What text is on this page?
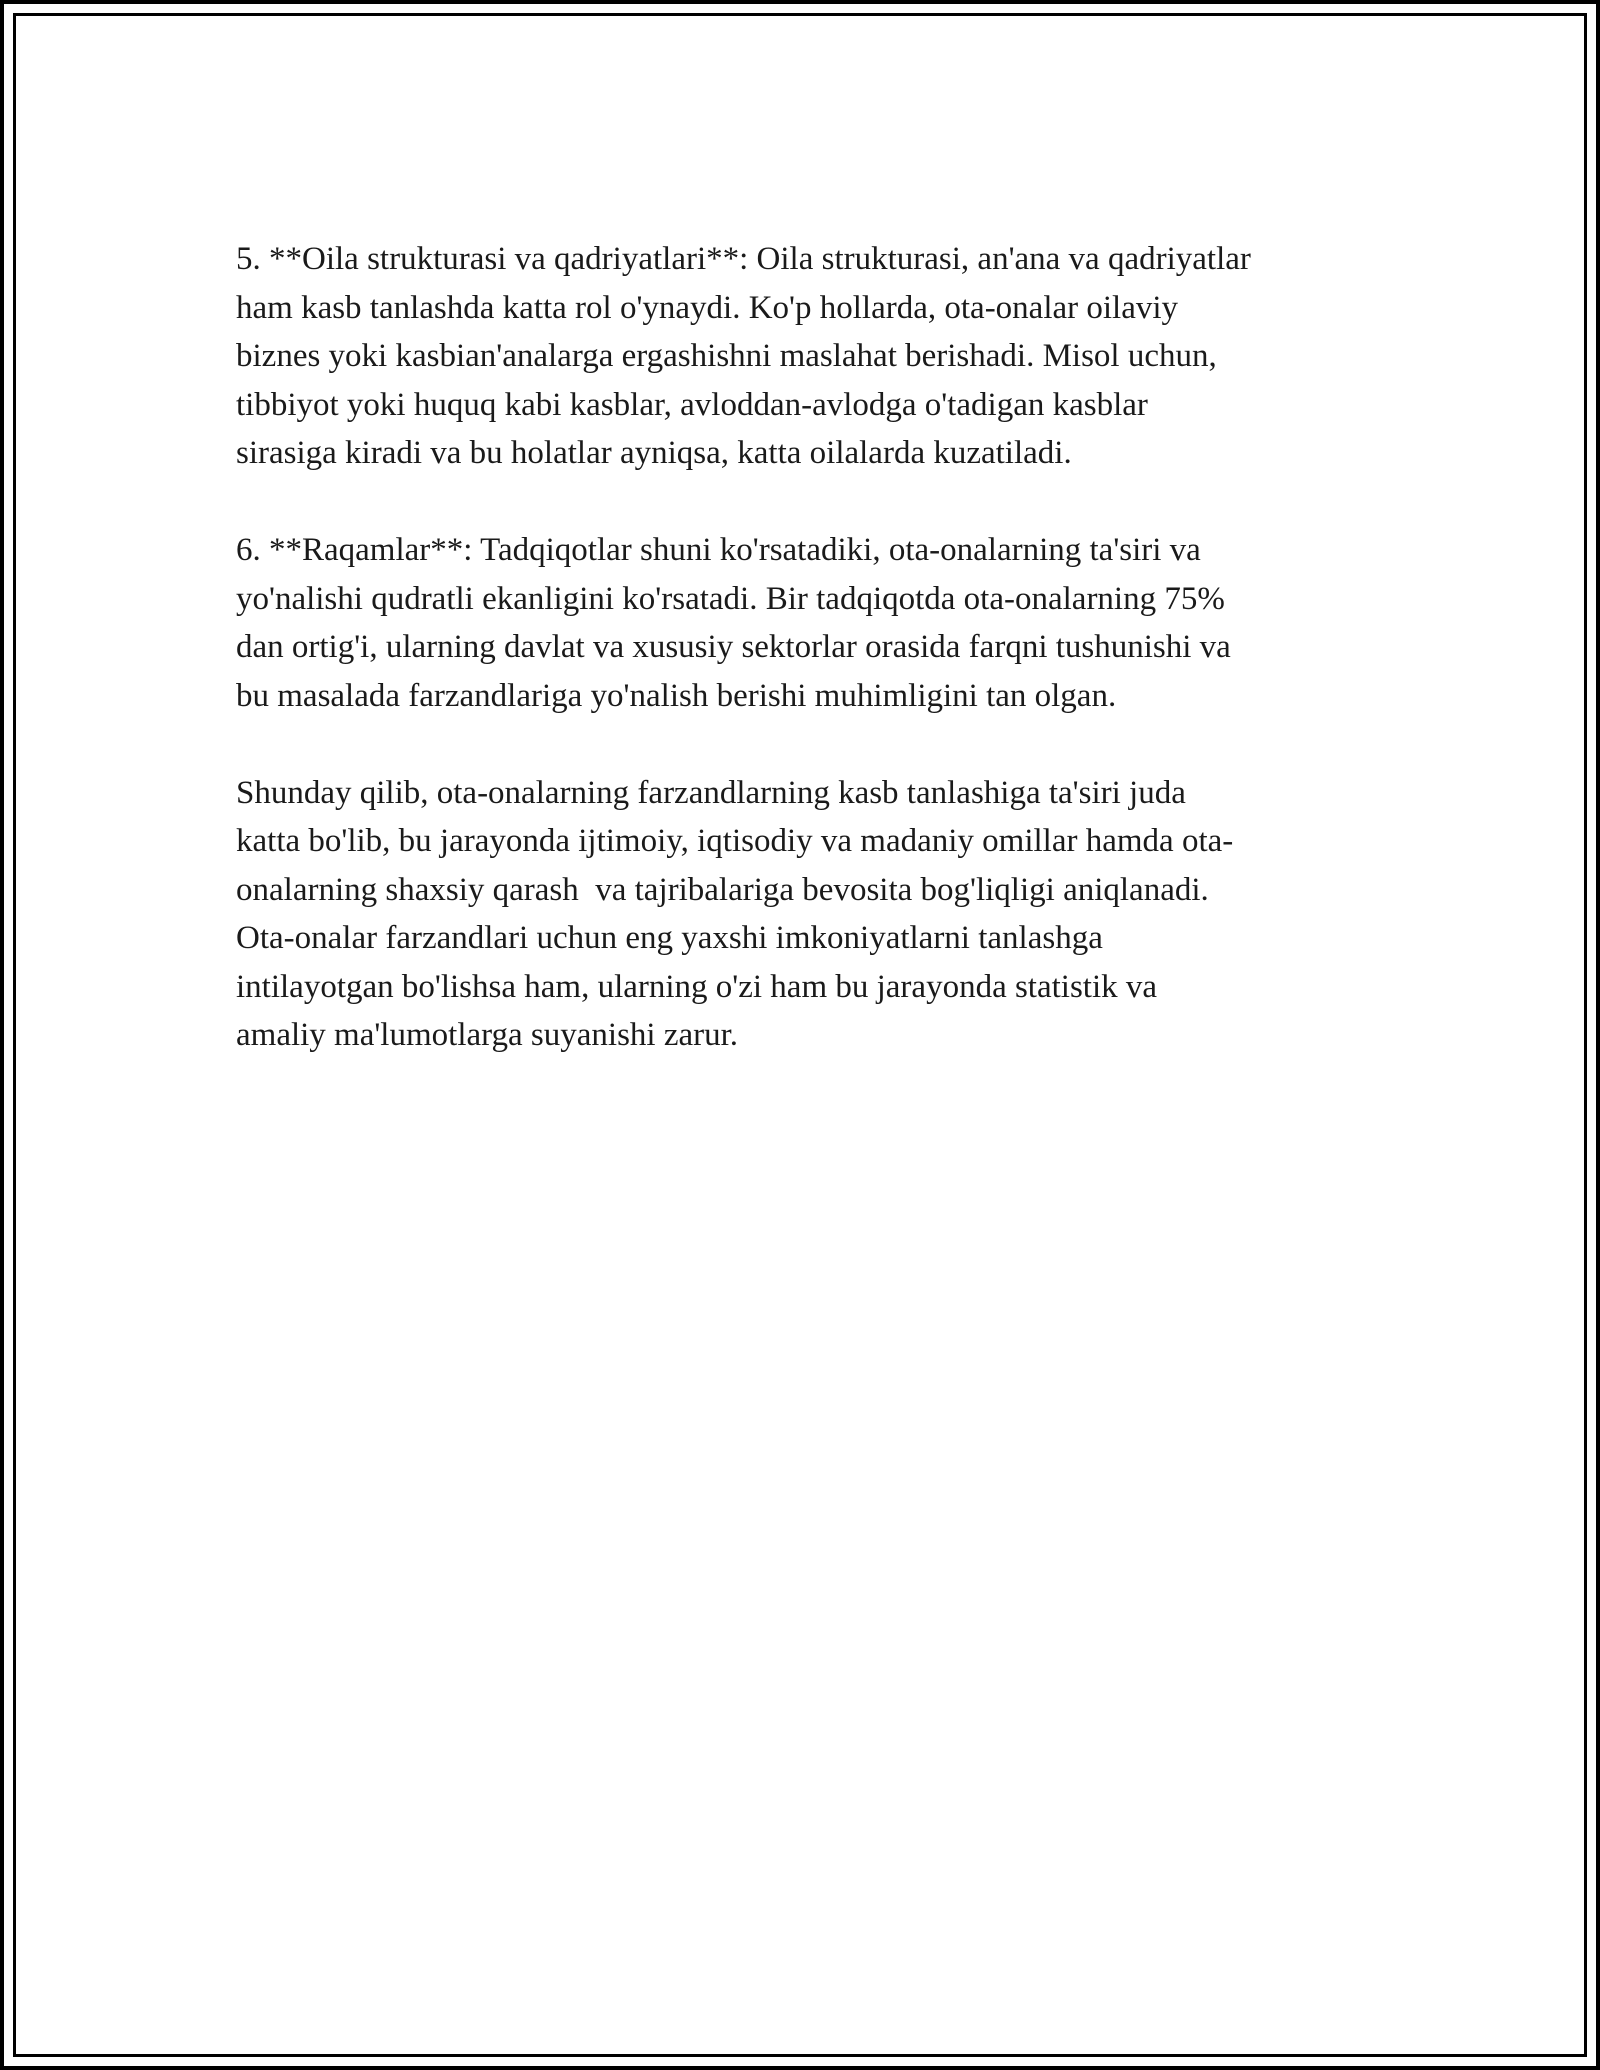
5. **Oila strukturasi va qadriyatlari**: Oila strukturasi, an'ana va qadriyatlar
ham kasb tanlashda katta rol o'ynaydi. Ko'p hollarda, ota-onalar oilaviy
biznes yoki kasbian'analarga ergashishni maslahat berishadi. Misol uchun,
tibbiyot yoki huquq kabi kasblar, avloddan-avlodga o'tadigan kasblar
sirasiga kiradi va bu holatlar ayniqsa, katta oilalarda kuzatiladi.

6. **Raqamlar**: Tadqiqotlar shuni ko'rsatadiki, ota-onalarning ta'siri va
yo'nalishi qudratli ekanligini ko'rsatadi. Bir tadqiqotda ota-onalarning 75%
dan ortig'i, ularning davlat va xususiy sektorlar orasida farqni tushunishi va
bu masalada farzandlariga yo'nalish berishi muhimligini tan olgan.

Shunday qilib, ota-onalarning farzandlarning kasb tanlashiga ta'siri juda
katta bo'lib, bu jarayonda ijtimoiy, iqtisodiy va madaniy omillar hamda ota-
onalarning shaxsiy qarash  va tajribalariga bevosita bog'liqligi aniqlanadi.
Ota-onalar farzandlari uchun eng yaxshi imkoniyatlarni tanlashga
intilayotgan bo'lishsa ham, ularning o'zi ham bu jarayonda statistik va
amaliy ma'lumotlarga suyanishi zarur.
